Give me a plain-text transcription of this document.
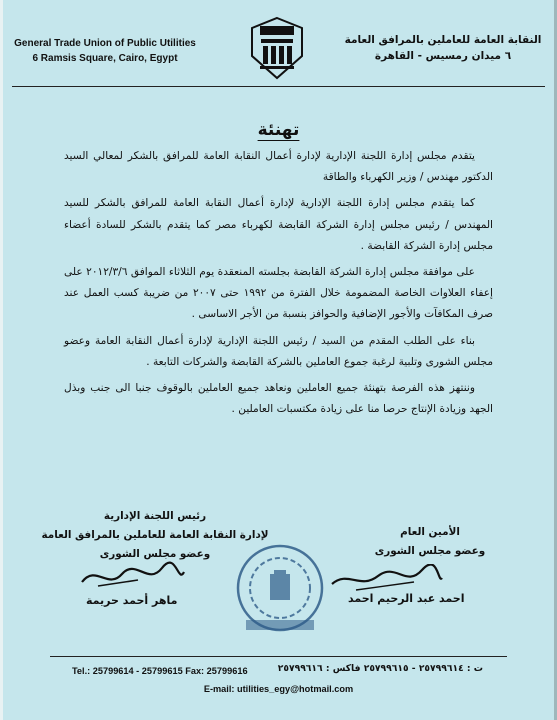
General Trade Union of Public Utilities
6 Ramsis Square, Cairo, Egypt
النقابة العامة للعاملين بالمرافق العامة
٦ ميدان رمسيس - القاهرة
تهنئة

يتقدم مجلس إدارة اللجنة الإدارية لإدارة أعمال النقابة العامة للمرافق بالشكر لمعالي السيد الدكتور مهندس / وزير الكهرباء والطاقة

كما يتقدم مجلس إدارة اللجنة الإدارية لإدارة أعمال النقابة العامة للمرافق بالشكر للسيد المهندس / رئيس مجلس إدارة الشركة القابضة لكهرباء مصر كما يتقدم بالشكر للسادة أعضاء مجلس إدارة الشركة القابضة .

على موافقة مجلس إدارة الشركة القابضة بجلسته المنعقدة يوم الثلاثاء الموافق ٢٠١٢/٣/٦ على إعفاء العلاوات الخاصة المضمومة خلال الفترة من ١٩٩٢ حتى ٢٠٠٧ من ضريبة كسب العمل عند صرف المكافآت والأجور الإضافية والحوافز بنسبة من الأجر الاساسى .

بناء على الطلب المقدم من السيد / رئيس اللجنة الإدارية لإدارة أعمال النقابة العامة وعضو مجلس الشورى وتلبية لرغبة جموع العاملين بالشركة القابضة والشركات التابعة .

وننتهز هذه الفرصة بتهنئة جميع العاملين ونعاهد جميع العاملين بالوقوف جنبا الى جنب وبذل الجهد وزيادة الإنتاج حرصا منا على زيادة مكتسبات العاملين .

رئيس اللجنة الإدارية
لإدارة النقابة العامة للعاملين بالمرافق العامة
وعضو مجلس الشورى
ماهر أحمد حريمة
الأمين العام
وعضو مجلس الشورى
احمد عبد الرحيم احمد
Tel.: 25799614 - 25799615 Fax: 25799616	ت : ٢٥٧٩٩٦١٤ - ٢٥٧٩٩٦١٥ فاكس : ٢٥٧٩٩٦١٦
E-mail: utilities_egy@hotmail.com
